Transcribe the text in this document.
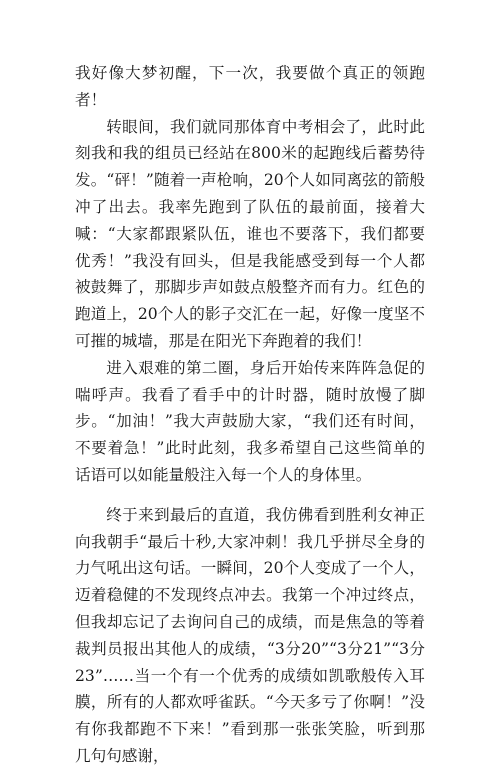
我好像大梦初醒，下一次，我要做个真正的领跑者！

转眼间，我们就同那体育中考相会了，此时此刻我和我的组员已经站在800米的起跑线后蓄势待发。“砰！”随着一声枪响，20个人如同离弦的箭般冲了出去。我率先跑到了队伍的最前面，接着大喊：“大家都跟紧队伍，谁也不要落下，我们都要优秀！”我没有回头，但是我能感受到每一个人都被鼓舞了，那脚步声如鼓点般整齐而有力。红色的跑道上，20个人的影子交汇在一起，好像一度坚不可摧的城墙，那是在阳光下奔跑着的我们！

进入艰难的第二圈，身后开始传来阵阵急促的喘呼声。我看了看手中的计时器，随时放慢了脚步。“加油！”我大声鼓励大家，“我们还有时间，不要着急！”此时此刻，我多希望自己这些简单的话语可以如能量般注入每一个人的身体里。

终于来到最后的直道，我仿佛看到胜利女神正向我朝手“最后十秒,大家冲刺！我几乎拼尽全身的力气吼出这句话。一瞬间，20个人变成了一个人，迈着稳健的不发现终点冲去。我第一个冲过终点，但我却忘记了去询问自己的成绩，而是焦急的等着裁判员报出其他人的成绩，“3分20”“3分21”“3分23”……当一个有一个优秀的成绩如凯歌般传入耳膜，所有的人都欢呼雀跃。“今天多亏了你啊！”没有你我都跑不下来！”看到那一张张笑脸，听到那几句句感谢，
